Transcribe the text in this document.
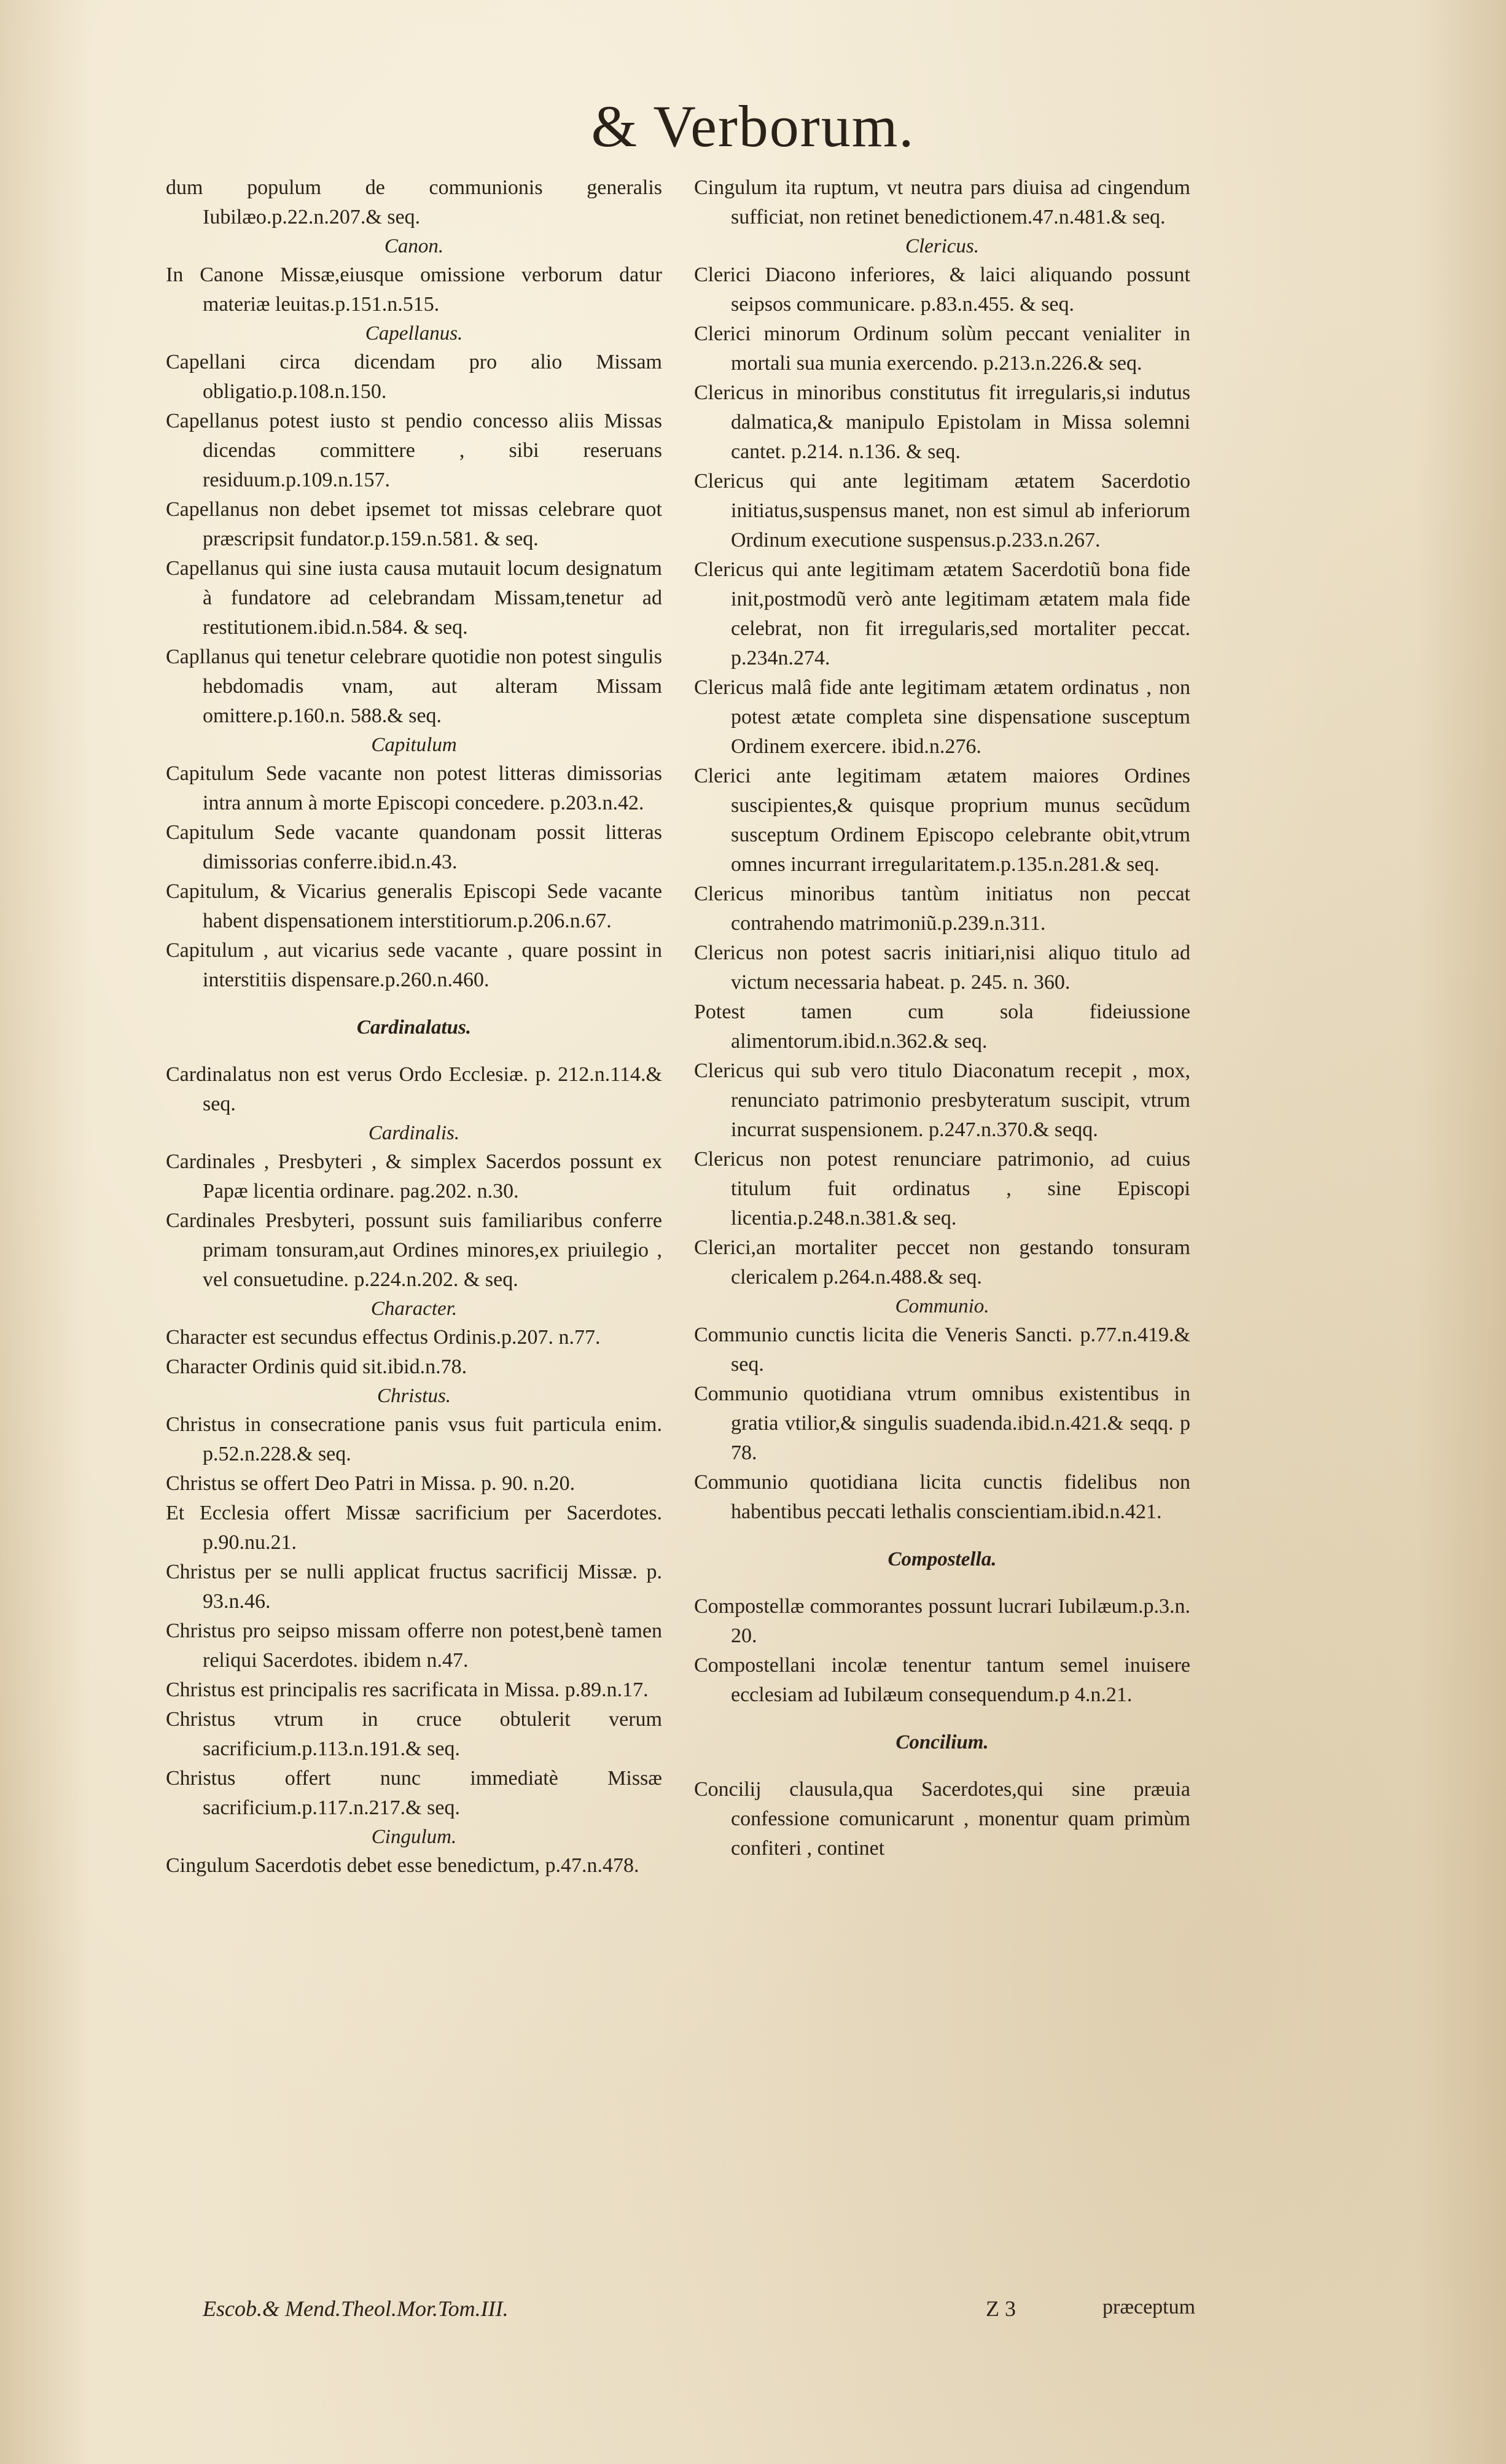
& Verborum.

dum populum de communionis generalis Iubilæo.p.22.n.207.& seq.

Canon.

In Canone Missæ,eiusque omissione verborum datur materiæ leuitas.p.151.n.515.

Capellanus.

Capellani circa dicendam pro alio Missam obligatio.p.108.n.150.

Capellanus potest iusto st pendio concesso aliis Missas dicendas committere , sibi reseruans residuum.p.109.n.157.

Capellanus non debet ipsemet tot missas celebrare quot præscripsit fundator.p.159.n.581. & seq.

Capellanus qui sine iusta causa mutauit locum designatum à fundatore ad celebrandam Missam,tenetur ad restitutionem.ibid.n.584. & seq.

Capllanus qui tenetur celebrare quotidie non potest singulis hebdomadis vnam, aut alteram Missam omittere.p.160.n. 588.& seq.

Capitulum

Capitulum Sede vacante non potest litteras dimissorias intra annum à morte Episcopi concedere. p.203.n.42.

Capitulum Sede vacante quandonam possit litteras dimissorias conferre.ibid.n.43.

Capitulum, & Vicarius generalis Episcopi Sede vacante habent dispensationem interstitiorum.p.206.n.67.

Capitulum , aut vicarius sede vacante , quare possint in interstitiis dispensare.p.260.n.460.

Cardinalatus.

Cardinalatus non est verus Ordo Ecclesiæ. p. 212.n.114.& seq.

Cardinalis.

Cardinales , Presbyteri , & simplex Sacerdos possunt ex Papæ licentia ordinare. pag.202. n.30.

Cardinales Presbyteri, possunt suis familiaribus conferre primam tonsuram,aut Ordines minores,ex priuilegio , vel consuetudine. p.224.n.202. & seq.

Character.

Character est secundus effectus Ordinis.p.207. n.77.

Character Ordinis quid sit.ibid.n.78.

Christus.

Christus in consecratione panis vsus fuit particula enim. p.52.n.228.& seq.

Christus se offert Deo Patri in Missa. p. 90. n.20.

Et Ecclesia offert Missæ sacrificium per Sacerdotes. p.90.nu.21.

Christus per se nulli applicat fructus sacrificij Missæ. p. 93.n.46.

Christus pro seipso missam offerre non potest,benè tamen reliqui Sacerdotes. ibidem n.47.

Christus est principalis res sacrificata in Missa. p.89.n.17.

Christus vtrum in cruce obtulerit verum sacrificium.p.113.n.191.& seq.

Christus offert nunc immediatè Missæ sacrificium.p.117.n.217.& seq.

Cingulum.

Cingulum Sacerdotis debet esse benedictum, p.47.n.478.

Cingulum ita ruptum, vt neutra pars diuisa ad cingendum sufficiat, non retinet benedictionem.47.n.481.& seq.

Clericus.

Clerici Diacono inferiores, & laici aliquando possunt seipsos communicare. p.83.n.455. & seq.

Clerici minorum Ordinum solùm peccant venialiter in mortali sua munia exercendo. p.213.n.226.& seq.

Clericus in minoribus constitutus fit irregularis,si indutus dalmatica,& manipulo Epistolam in Missa solemni cantet. p.214. n.136. & seq.

Clericus qui ante legitimam ætatem Sacerdotio initiatus,suspensus manet, non est simul ab inferiorum Ordinum executione suspensus.p.233.n.267.

Clericus qui ante legitimam ætatem Sacerdotiũ bona fide init,postmodũ verò ante legitimam ætatem mala fide celebrat, non fit irregularis,sed mortaliter peccat. p.234n.274.

Clericus malâ fide ante legitimam ætatem ordinatus , non potest ætate completa sine dispensatione susceptum Ordinem exercere. ibid.n.276.

Clerici ante legitimam ætatem maiores Ordines suscipientes,& quisque proprium munus secũdum susceptum Ordinem Episcopo celebrante obit,vtrum omnes incurrant irregularitatem.p.135.n.281.& seq.

Clericus minoribus tantùm initiatus non peccat contrahendo matrimoniũ.p.239.n.311.

Clericus non potest sacris initiari,nisi aliquo titulo ad victum necessaria habeat. p. 245. n. 360.

Potest tamen cum sola fideiussione alimentorum.ibid.n.362.& seq.

Clericus qui sub vero titulo Diaconatum recepit , mox, renunciato patrimonio presbyteratum suscipit, vtrum incurrat suspensionem. p.247.n.370.& seqq.

Clericus non potest renunciare patrimonio, ad cuius titulum fuit ordinatus , sine Episcopi licentia.p.248.n.381.& seq.

Clerici,an mortaliter peccet non gestando tonsuram clericalem p.264.n.488.& seq.

Communio.

Communio cunctis licita die Veneris Sancti. p.77.n.419.& seq.

Communio quotidiana vtrum omnibus existentibus in gratia vtilior,& singulis suadenda.ibid.n.421.& seqq. p 78.

Communio quotidiana licita cunctis fidelibus non habentibus peccati lethalis conscientiam.ibid.n.421.

Compostella.

Compostellæ commorantes possunt lucrari Iubilæum.p.3.n. 20.

Compostellani incolæ tenentur tantum semel inuisere ecclesiam ad Iubilæum consequendum.p 4.n.21.

Concilium.

Concilij clausula,qua Sacerdotes,qui sine præuia confessione comunicarunt , monentur quam primùm confiteri , continet

Escob.& Mend.Theol.Mor.Tom.III.	Z 3	præceptum
